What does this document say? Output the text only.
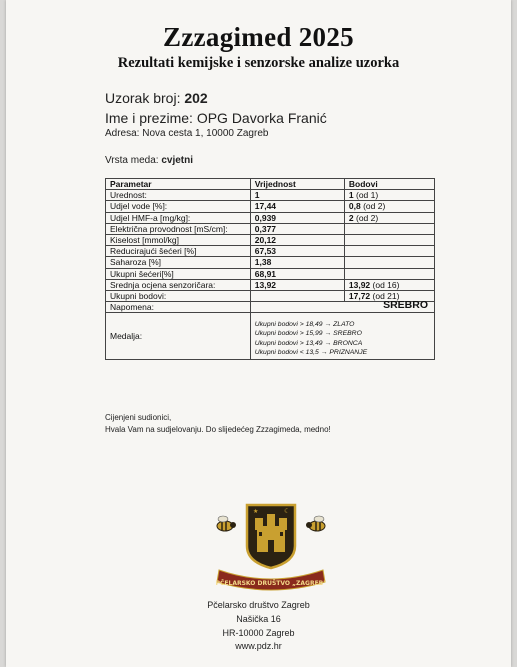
Zzzagimed 2025
Rezultati kemijske i senzorske analize uzorka
Uzorak broj: 202
Ime i prezime: OPG Davorka Franić
Adresa: Nova cesta 1, 10000 Zagreb
Vrsta meda: cvjetni
Parametar	Vrijednost	Bodovi
Urednost:	1	1 (od 1)
Udjel vode [%]:	17,44	0,8 (od 2)
Udjel HMF-a [mg/kg]:	0,939	2 (od 2)
Električna provodnost [mS/cm]:	0,377	
Kiselost [mmol/kg]	20,12	
Reducirajući šećeri [%]	67,53	
Saharoza [%]	1,38	
Ukupni šećeri[%]	68,91	
Srednja ocjena senzoričara:	13,92	13,92 (od 16)
Ukupni bodovi:		17,72 (od 21)
Napomena:		
Medalja:	SREBRO
Ukupni bodovi > 18,49 → ZLATO
Ukupni bodovi > 15,99 → SREBRO
Ukupni bodovi > 13,49 → BRONCA
Ukupni bodovi < 13,5 → PRIZNANJE	
Cijenjeni sudionici,
Hvala Vam na sudjelovanju. Do slijedećeg Zzzagimeda, medno!
★	☾
PČELARSKO DRUŠTVO „ZAGREB"
Pčelarsko društvo Zagreb
Našička 16
HR-10000 Zagreb
www.pdz.hr
